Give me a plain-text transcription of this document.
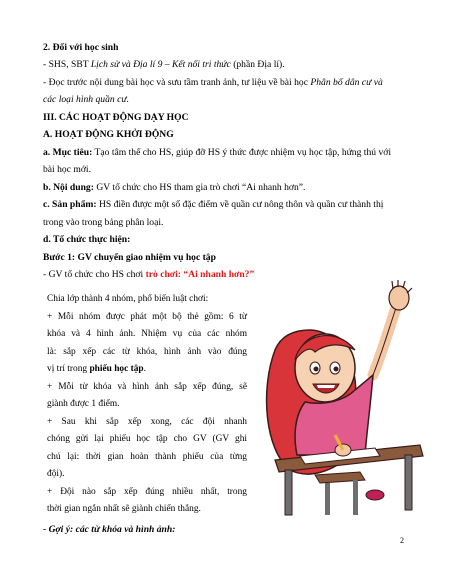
2. Đối với học sinh
- SHS, SBT Lịch sử và Địa lí 9 – Kết nối tri thức (phần Địa lí).
- Đọc trước nội dung bài học và sưu tầm tranh ảnh, tư liệu về bài học Phân bố dân cư và
các loại hình quần cư.
III. CÁC HOẠT ĐỘNG DẠY HỌC
A. HOẠT ĐỘNG KHỞI ĐỘNG
a. Mục tiêu: Tạo tâm thế cho HS, giúp đỡ HS ý thức được nhiệm vụ học tập, hứng thú với
bài học mới.
b. Nội dung: GV tổ chức cho HS tham gia trò chơi “Ai nhanh hơn”.
c. Sản phẩm: HS điền được một số đặc điểm về quần cư nông thôn và quần cư thành thị
trong vào trong bảng phân loại.
d. Tổ chức thực hiện:
Bước 1: GV chuyển giao nhiệm vụ học tập
- GV tổ chức cho HS chơi trò chơi: “Ai nhanh hơn?”
Chia lớp thành 4 nhóm, phổ biến luật chơi:
+ Mỗi nhóm được phát một bộ thẻ gồm: 6 từ
khóa và 4 hình ảnh. Nhiệm vụ của các nhóm
là: sắp xếp các từ khóa, hình ảnh vào đúng
vị trí trong phiếu học tập.
+ Mỗi từ khóa và hình ảnh sắp xếp đúng, sẽ
giành được 1 điểm.
+ Sau khi sắp xếp xong, các đội nhanh
chóng gửi lại phiếu học tập cho GV (GV ghi
chú lại: thời gian hoàn thành phiếu của từng
đội).
+ Đội nào sắp xếp đúng nhiều nhất, trong
thời gian ngắn nhất sẽ giành chiến thắng.
- Gợi ý: các từ khóa và hình ảnh:
2
